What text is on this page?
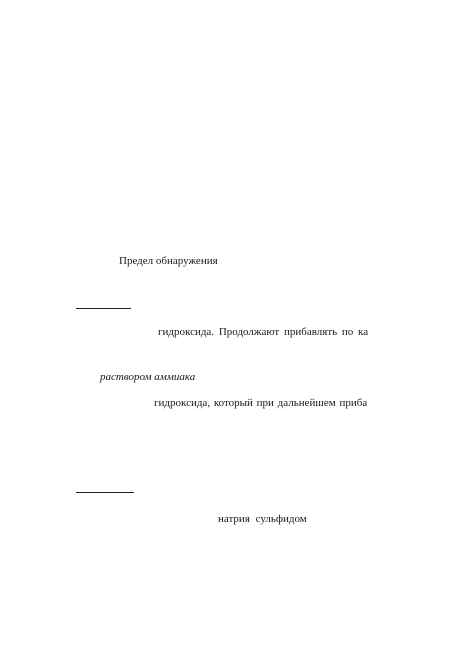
Предел обнаружения
гидроксида. Продолжают прибавлять по ка
раствором аммиака
гидроксида, который при дальнейшем приба
натрия сульфидом
